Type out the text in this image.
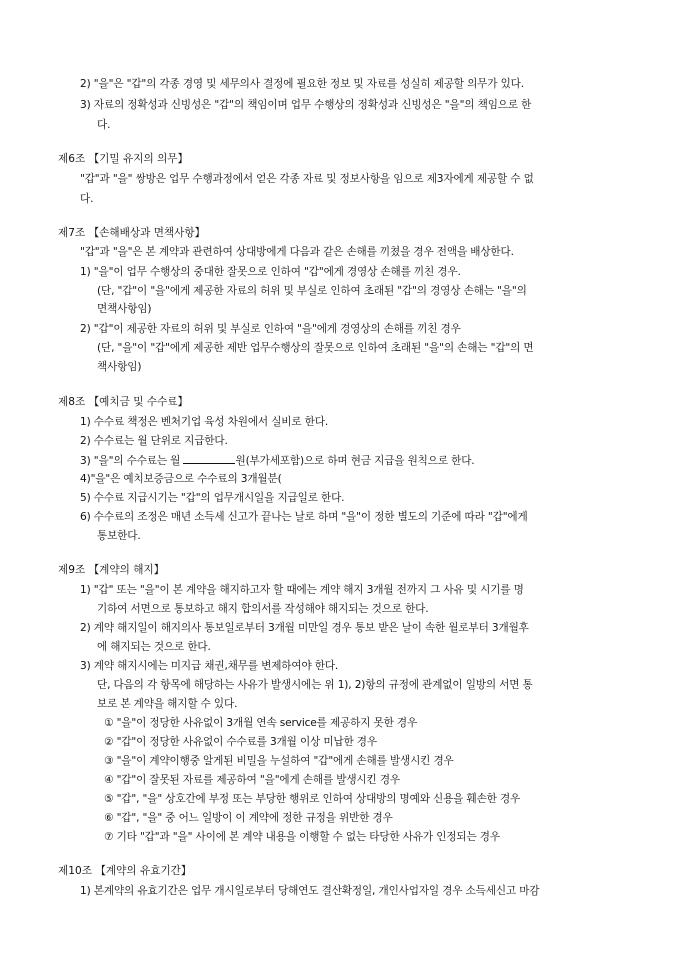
2) "을"은 "갑"의 각종 경영 및 세무의사 결정에 필요한 정보 및 자료를 성실히 제공할 의무가 있다.
3) 자료의 정확성과 신빙성은 "갑"의 책임이며 업무 수행상의 정확성과 신빙성은 "을"의 책임으로 한
다.
제6조 【기밀 유지의 의무】
"갑"과 "을" 쌍방은 업무 수행과정에서 얻은 각종 자료 및 정보사항을 임으로 제3자에게 제공할 수 없
다.
제7조 【손해배상과 면책사항】
"갑"과 "을"은 본 계약과 관련하여 상대방에게 다음과 같은 손해를 끼쳤을 경우 전액을 배상한다.
1) "을"이 업무 수행상의 중대한 잘못으로 인하여 "갑"에게 경영상 손해를 끼친 경우.
(단, "갑"이 "을"에게 제공한 자료의 허위 및 부실로 인하여 초래된 "갑"의 경영상 손해는 "을"의
면책사항임)
2) "갑"이 제공한 자료의 허위 및 부실로 인하여 "을"에게 경영상의 손해를 끼친 경우
(단, "을"이 "갑"에게 제공한 제반 업무수행상의 잘못으로 인하여 초래된 "을"의 손해는 "갑"의 면
책사항임)
제8조 【예치금 및 수수료】
1) 수수료 책정은 벤처기업 육성 차원에서 실비로 한다.
2) 수수료는 월 단위로 지급한다.
3) "을"의 수수료는 월	원(부가세포함)으로 하며 현금 지급을 원칙으로 한다.
4)"을"은 예치보증금으로 수수료의 3개월분(
5) 수수료 지급시기는 "갑"의 업무개시일을 지급일로 한다.
6) 수수료의 조정은 매년 소득세 신고가 끝나는 날로 하며 "을"이 정한 별도의 기준에 따라 "갑"에게
통보한다.
제9조 【계약의 해지】
1) "갑" 또는 "을"이 본 계약을 해지하고자 할 때에는 계약 해지 3개월 전까지 그 사유 및 시기를 명
기하여 서면으로 통보하고 해지 합의서를 작성해야 해지되는 것으로 한다.
2) 계약 해지일이 해지의사 통보일로부터 3개월 미만일 경우 통보 받은 날이 속한 월로부터 3개월후
에 해지되는 것으로 한다.
3) 계약 해지시에는 미지급 채권,채무를 변제하여야 한다.
단, 다음의 각 항목에 해당하는 사유가 발생시에는 위 1), 2)항의 규정에 관계없이 일방의 서면 통
보로 본 계약을 해지할 수 있다.
① "을"이 정당한 사유없이 3개월 연속 service를 제공하지 못한 경우
② "갑"이 정당한 사유없이 수수료를 3개월 이상 미납한 경우
③ "을"이 계약이행중 알게된 비밀을 누설하여 "갑"에게 손해를 발생시킨 경우
④ "갑"이 잘못된 자료를 제공하여 "을"에게 손해를 발생시킨 경우
⑤ "갑", "을" 상호간에 부정 또는 부당한 행위로 인하여 상대방의 명예와 신용을 훼손한 경우
⑥ "갑", "을" 중 어느 일방이 이 계약에 정한 규정을 위반한 경우
⑦ 기타 "갑"과 "을" 사이에 본 계약 내용을 이행할 수 없는 타당한 사유가 인정되는 경우
제10조 【계약의 유효기간】
1) 본계약의 유효기간은 업무 개시일로부터 당해연도 결산확정일, 개인사업자일 경우 소득세신고 마감
